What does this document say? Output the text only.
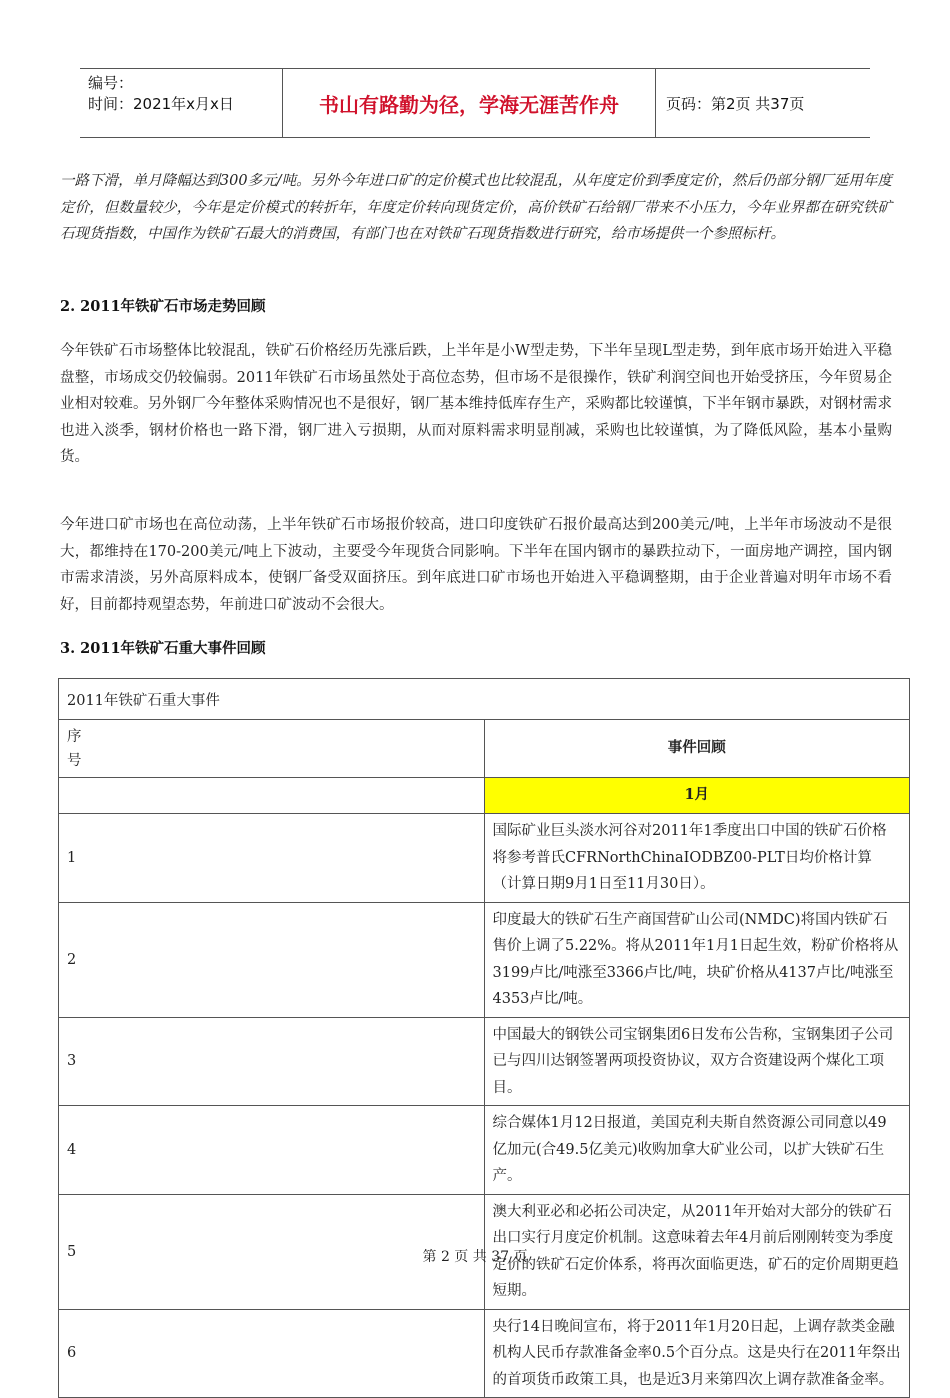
编号：
时间：2021年x月x日	书山有路勤为径，学海无涯苦作舟	页码：第2页 共37页
一路下滑，单月降幅达到300多元/吨。另外今年进口矿的定价模式也比较混乱，从年度定价到季度定价，然后仍部分钢厂延用年度定价，但数量较少，今年是定价模式的转折年，年度定价转向现货定价，高价铁矿石给钢厂带来不小压力，今年业界都在研究铁矿石现货指数，中国作为铁矿石最大的消费国，有部门也在对铁矿石现货指数进行研究，给市场提供一个参照标杆。
2. 2011年铁矿石市场走势回顾
今年铁矿石市场整体比较混乱，铁矿石价格经历先涨后跌，上半年是小W型走势，下半年呈现L型走势，到年底市场开始进入平稳盘整，市场成交仍较偏弱。2011年铁矿石市场虽然处于高位态势，但市场不是很操作，铁矿利润空间也开始受挤压，今年贸易企业相对较难。另外钢厂今年整体采购情况也不是很好，钢厂基本维持低库存生产，采购都比较谨慎，下半年钢市暴跌，对钢材需求也进入淡季，钢材价格也一路下滑，钢厂进入亏损期，从而对原料需求明显削减，采购也比较谨慎，为了降低风险，基本小量购货。
今年进口矿市场也在高位动荡，上半年铁矿石市场报价较高，进口印度铁矿石报价最高达到200美元/吨，上半年市场波动不是很大，都维持在170-200美元/吨上下波动，主要受今年现货合同影响。下半年在国内钢市的暴跌拉动下，一面房地产调控，国内钢市需求清淡，另外高原料成本，使钢厂备受双面挤压。到年底进口矿市场也开始进入平稳调整期，由于企业普遍对明年市场不看好，目前都持观望态势，年前进口矿波动不会很大。
3. 2011年铁矿石重大事件回顾
2011年铁矿石重大事件	

序号	事件回顾
	1月
1	国际矿业巨头淡水河谷对2011年1季度出口中国的铁矿石价格将参考普氏CFRNorthChinaIODBZ00-PLT日均价格计算 （计算日期9月1日至11月30日）。
2	印度最大的铁矿石生产商国营矿山公司(NMDC)将国内铁矿石售价上调了5.22%。将从2011年1月1日起生效，粉矿价格将从3199卢比/吨涨至3366卢比/吨，块矿价格从4137卢比/吨涨至4353卢比/吨。
3	中国最大的钢铁公司宝钢集团6日发布公告称，宝钢集团子公司已与四川达钢签署两项投资协议，双方合资建设两个煤化工项目。
4	综合媒体1月12日报道，美国克利夫斯自然资源公司同意以49亿加元(合49.5亿美元)收购加拿大矿业公司，以扩大铁矿石生产。
5	澳大利亚必和必拓公司决定，从2011年开始对大部分的铁矿石出口实行月度定价机制。这意味着去年4月前后刚刚转变为季度定价的铁矿石定价体系，将再次面临更迭，矿石的定价周期更趋短期。
6	央行14日晚间宣布，将于2011年1月20日起，上调存款类金融机构人民币存款准备金率0.5个百分点。这是央行在2011年祭出的首项货币政策工具，也是近3月来第四次上调存款准备金率。
第 2 页 共 37 页
